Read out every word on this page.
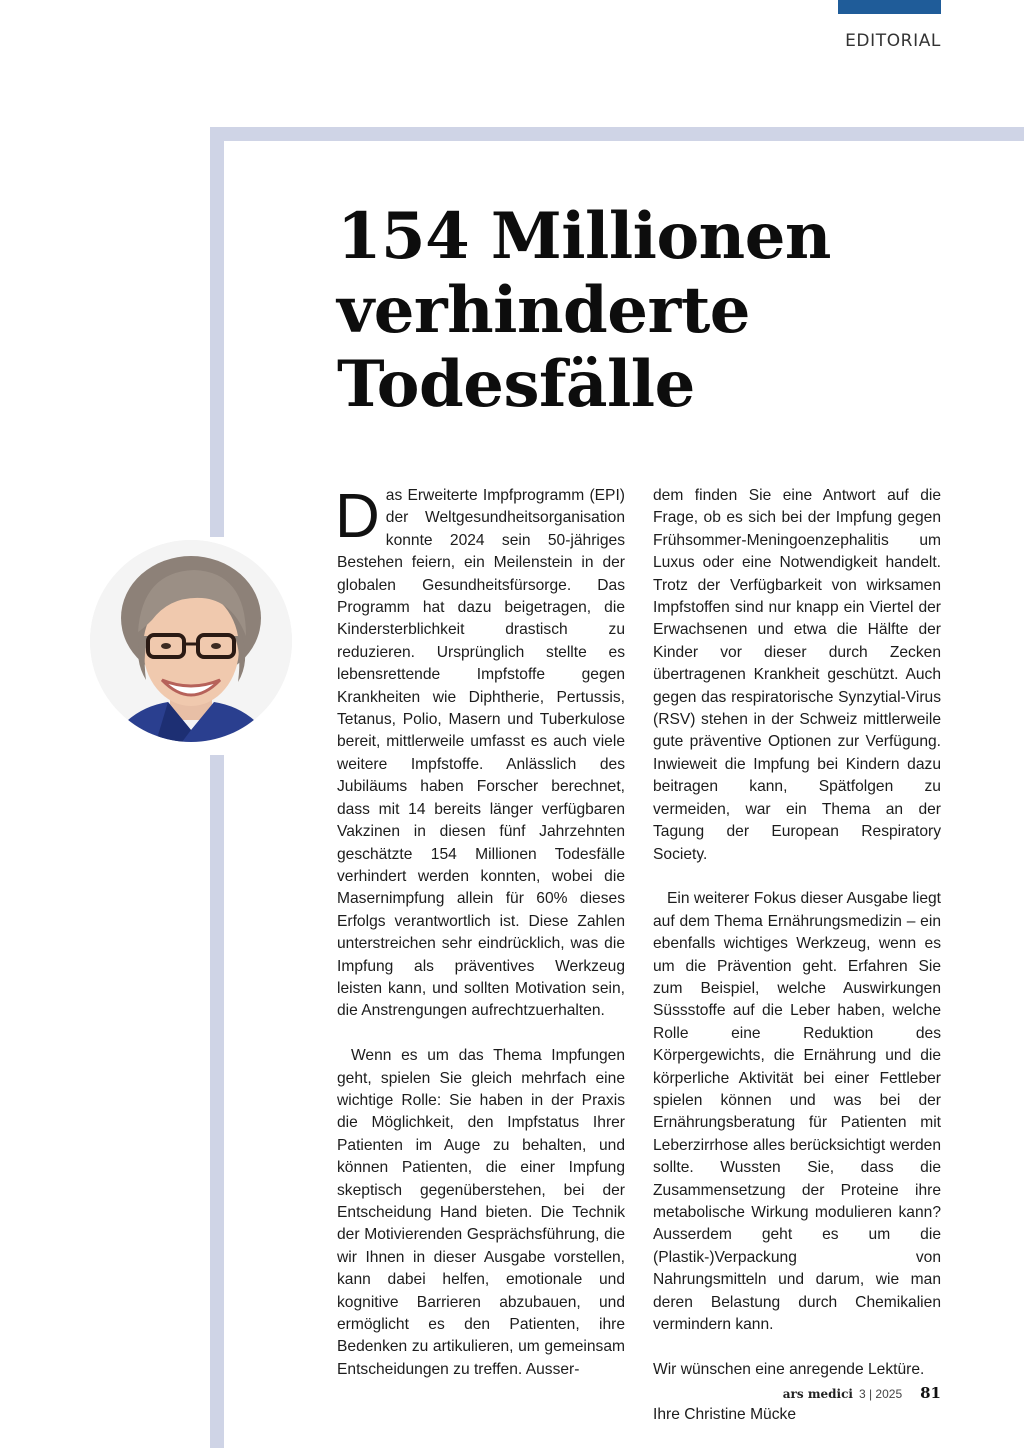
EDITORIAL
154 Millionen
verhinderte
Todesfälle

Das Erweiterte Impfprogramm (EPI) der Weltgesundheitsorganisation konnte 2024 sein 50-jähriges Bestehen feiern, ein Meilenstein in der globalen Gesundheitsfürsorge. Das Programm hat dazu beigetragen, die Kindersterblichkeit drastisch zu reduzieren. Ursprünglich stellte es lebensrettende Impfstoffe gegen Krankheiten wie Diphtherie, Pertussis, Tetanus, Polio, Masern und Tuberkulose bereit, mittlerweile umfasst es auch viele weitere Impfstoffe. Anlässlich des Jubiläums haben Forscher berechnet, dass mit 14 bereits länger verfügbaren Vakzinen in diesen fünf Jahrzehnten geschätzte 154 Millionen Todesfälle verhindert werden konnten, wobei die Masernimpfung allein für 60% dieses Erfolgs verantwortlich ist. Diese Zahlen unterstreichen sehr eindrücklich, was die Impfung als präventives Werkzeug leisten kann, und sollten Motivation sein, die Anstrengungen aufrechtzuerhalten.

Wenn es um das Thema Impfungen geht, spielen Sie gleich mehrfach eine wichtige Rolle: Sie haben in der Praxis die Möglichkeit, den Impfstatus Ihrer Patienten im Auge zu behalten, und können Patienten, die einer Impfung skeptisch gegenüberstehen, bei der Entscheidung Hand bieten. Die Technik der Motivierenden Gesprächsführung, die wir Ihnen in dieser Ausgabe vorstellen, kann dabei helfen, emotionale und kognitive Barrieren abzubauen, und ermöglicht es den Patienten, ihre Bedenken zu artikulieren, um gemeinsam Entscheidungen zu treffen. Ausser-

dem finden Sie eine Antwort auf die Frage, ob es sich bei der Impfung gegen Frühsommer-Meningoenzephalitis um Luxus oder eine Notwendigkeit handelt. Trotz der Verfügbarkeit von wirksamen Impfstoffen sind nur knapp ein Viertel der Erwachsenen und etwa die Hälfte der Kinder vor dieser durch Zecken übertragenen Krankheit geschützt. Auch gegen das respiratorische Synzytial-Virus (RSV) stehen in der Schweiz mittlerweile gute präventive Optionen zur Verfügung. Inwieweit die Impfung bei Kindern dazu beitragen kann, Spätfolgen zu vermeiden, war ein Thema an der Tagung der European Respiratory Society.

Ein weiterer Fokus dieser Ausgabe liegt auf dem Thema Ernährungsmedizin – ein ebenfalls wichtiges Werkzeug, wenn es um die Prävention geht. Erfahren Sie zum Beispiel, welche Auswirkungen Süssstoffe auf die Leber haben, welche Rolle eine Reduktion des Körpergewichts, die Ernährung und die körperliche Aktivität bei einer Fettleber spielen können und was bei der Ernährungsberatung für Patienten mit Leberzirrhose alles berücksichtigt werden sollte. Wussten Sie, dass die Zusammensetzung der Proteine ihre metabolische Wirkung modulieren kann? Ausserdem geht es um die (Plastik-)Verpackung von Nahrungsmitteln und darum, wie man deren Belastung durch Chemikalien vermindern kann.

Wir wünschen eine anregende Lektüre.

Ihre Christine Mücke

ars medici 3 | 2025 81
